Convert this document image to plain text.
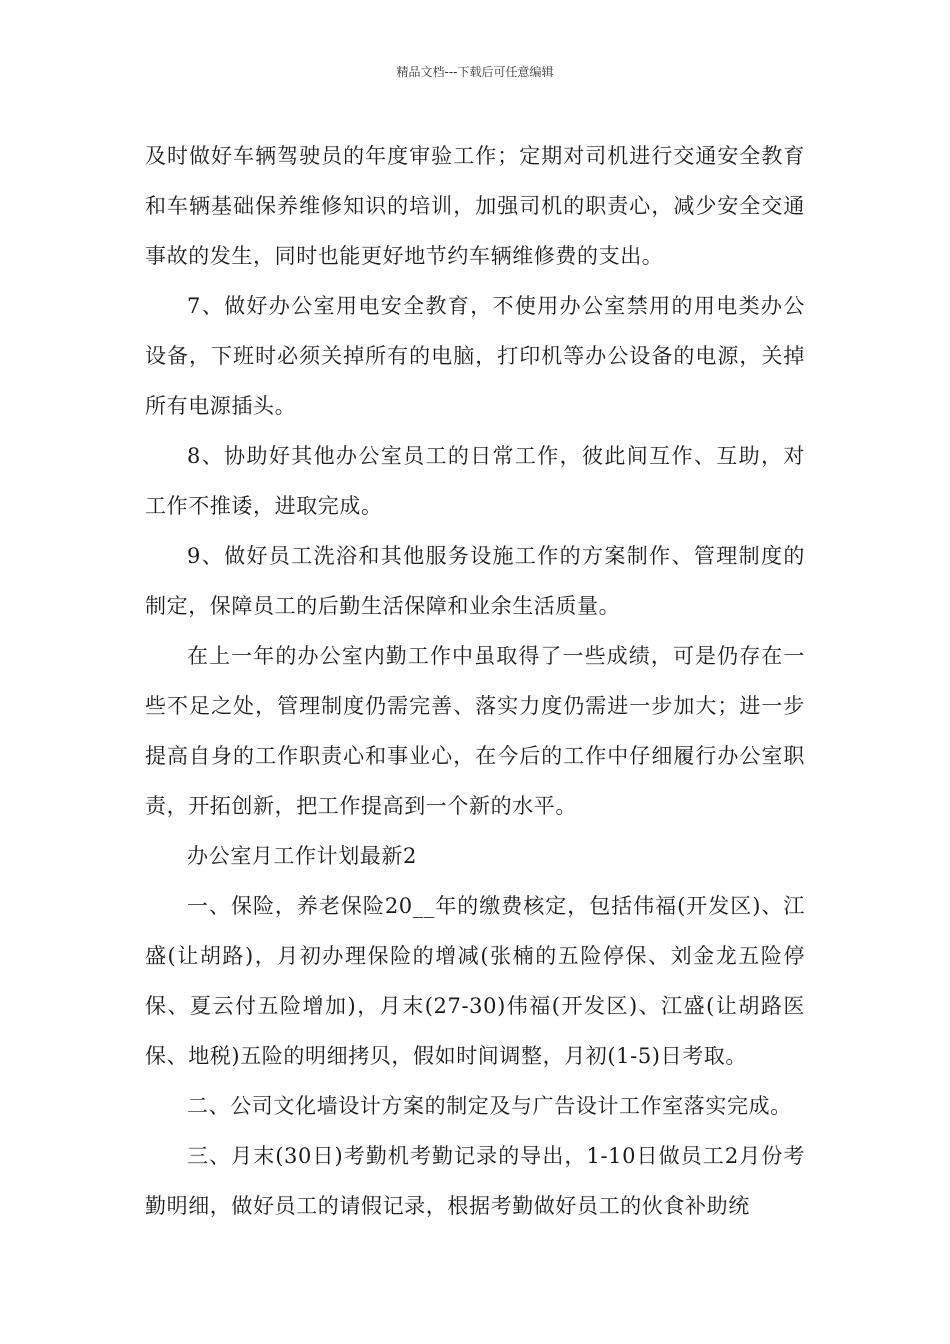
精品文档---下载后可任意编辑

及时做好车辆驾驶员的年度审验工作；定期对司机进行交通安全教育和车辆基础保养维修知识的培训，加强司机的职责心，减少安全交通事故的发生，同时也能更好地节约车辆维修费的支出。

7、做好办公室用电安全教育，不使用办公室禁用的用电类办公设备，下班时必须关掉所有的电脑，打印机等办公设备的电源，关掉所有电源插头。

8、协助好其他办公室员工的日常工作，彼此间互作、互助，对工作不推诿，进取完成。

9、做好员工洗浴和其他服务设施工作的方案制作、管理制度的制定，保障员工的后勤生活保障和业余生活质量。

在上一年的办公室内勤工作中虽取得了一些成绩，可是仍存在一些不足之处，管理制度仍需完善、落实力度仍需进一步加大；进一步提高自身的工作职责心和事业心，在今后的工作中仔细履行办公室职责，开拓创新，把工作提高到一个新的水平。

办公室月工作计划最新2

一、保险，养老保险20__年的缴费核定，包括伟福(开发区)、江盛(让胡路)，月初办理保险的增减(张楠的五险停保、刘金龙五险停保、夏云付五险增加)，月末(27-30)伟福(开发区)、江盛(让胡路医保、地税)五险的明细拷贝，假如时间调整，月初(1-5)日考取。

二、公司文化墙设计方案的制定及与广告设计工作室落实完成。

三、月末(30日)考勤机考勤记录的导出，1-10日做员工2月份考勤明细，做好员工的请假记录，根据考勤做好员工的伙食补助统
